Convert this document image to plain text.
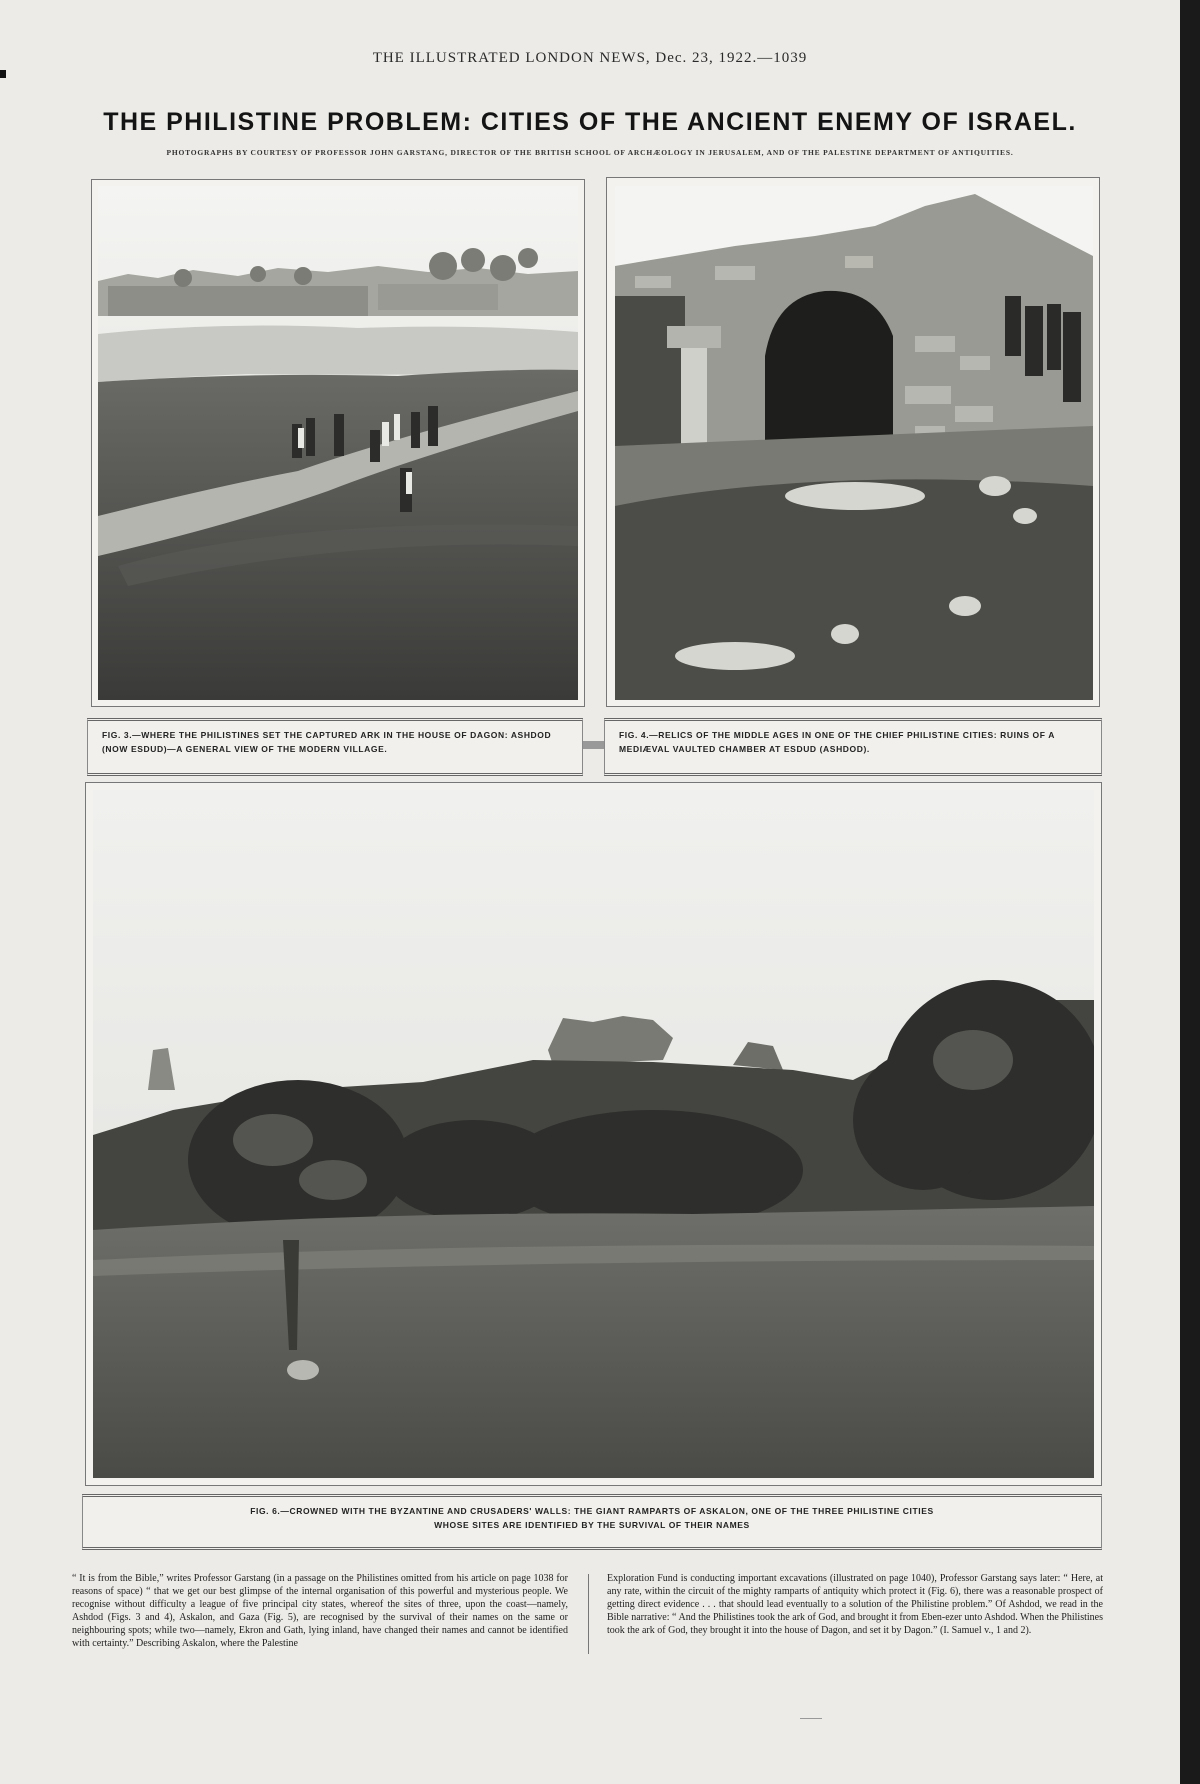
THE ILLUSTRATED LONDON NEWS, Dec. 23, 1922.—1039
THE PHILISTINE PROBLEM: CITIES OF THE ANCIENT ENEMY OF ISRAEL.
PHOTOGRAPHS BY COURTESY OF PROFESSOR JOHN GARSTANG, DIRECTOR OF THE BRITISH SCHOOL OF ARCHÆOLOGY IN JERUSALEM, AND OF THE PALESTINE DEPARTMENT OF ANTIQUITIES.
FIG. 3.—WHERE THE PHILISTINES SET THE CAPTURED ARK IN THE HOUSE OF DAGON: ASHDOD (NOW ESDUD)—A GENERAL VIEW OF THE MODERN VILLAGE.
FIG. 4.—RELICS OF THE MIDDLE AGES IN ONE OF THE CHIEF PHILISTINE CITIES: RUINS OF A MEDIÆVAL VAULTED CHAMBER AT ESDUD (ASHDOD).
FIG. 6.—CROWNED WITH THE BYZANTINE AND CRUSADERS' WALLS: THE GIANT RAMPARTS OF ASKALON, ONE OF THE THREE PHILISTINE CITIES
WHOSE SITES ARE IDENTIFIED BY THE SURVIVAL OF THEIR NAMES
“ It is from the Bible,” writes Professor Garstang (in a passage on the Philistines omitted from his article on page 1038 for reasons of space) “ that we get our best glimpse of the internal organisation of this powerful and mysterious people. We recognise without difficulty a league of five principal city states, whereof the sites of three, upon the coast—namely, Ashdod (Figs. 3 and 4), Askalon, and Gaza (Fig. 5), are recognised by the survival of their names on the same or neighbouring spots; while two—namely, Ekron and Gath, lying inland, have changed their names and cannot be identified with certainty.” Describing Askalon, where the Palestine
Exploration Fund is conducting important excavations (illustrated on page 1040), Professor Garstang says later: “ Here, at any rate, within the circuit of the mighty ramparts of antiquity which protect it (Fig. 6), there was a reasonable prospect of getting direct evidence . . . that should lead eventually to a solution of the Philistine problem.” Of Ashdod, we read in the Bible narrative: “ And the Philistines took the ark of God, and brought it from Eben-ezer unto Ashdod. When the Philistines took the ark of God, they brought it into the house of Dagon, and set it by Dagon.” (I. Samuel v., 1 and 2).
